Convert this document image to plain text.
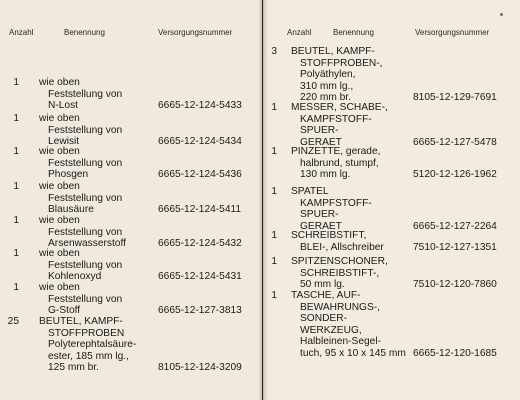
Anzahl	Benennung	Versorgungsnummer
1 wie oben
Feststellung von
N-Lost	6665-12-124-5433
1 wie oben
Feststellung von
Lewisit	6665-12-124-5434
1 wie oben
Feststellung von
Phosgen	6665-12-124-5436
1 wie oben
Feststellung von
Blausäure	6665-12-124-5411
1 wie oben
Feststellung von
Arsenwasserstoff	6665-12-124-5432
1 wie oben
Feststellung von
Kohlenoxyd	6665-12-124-5431
1 wie oben
Feststellung von
G-Stoff	6665-12-127-3813
25 BEUTEL, KAMPF-
STOFFPROBEN
Polyterephtalsäure-
ester, 185 mm lg.,
125 mm br.	8105-12-124-3209
Anzahl	Benennung	Versorgungsnummer
3 BEUTEL, KAMPF-
STOFFPROBEN-,
Polyäthylen,
310 mm lg.,
220 mm br.	8105-12-129-7691
1 MESSER, SCHABE-,
KAMPFSTOFF-
SPUER-
GERAET	6665-12-127-5478
1 PINZETTE, gerade,
halbrund, stumpf,
130 mm lg.	5120-12-126-1962
1 SPATEL
KAMPFSTOFF-
SPUER-
GERAET	6665-12-127-2264
1 SCHREIBSTIFT,
BLEI-, Allschreiber	7510-12-127-1351
1 SPITZENSCHONER,
SCHREIBSTIFT-,
50 mm lg.	7510-12-120-7860
1 TASCHE, AUF-
BEWAHRUNGS-,
SONDER-
WERKZEUG,
Halbleinen-Segel-
tuch, 95 x 10 x 145 mm 6665-12-120-1685
